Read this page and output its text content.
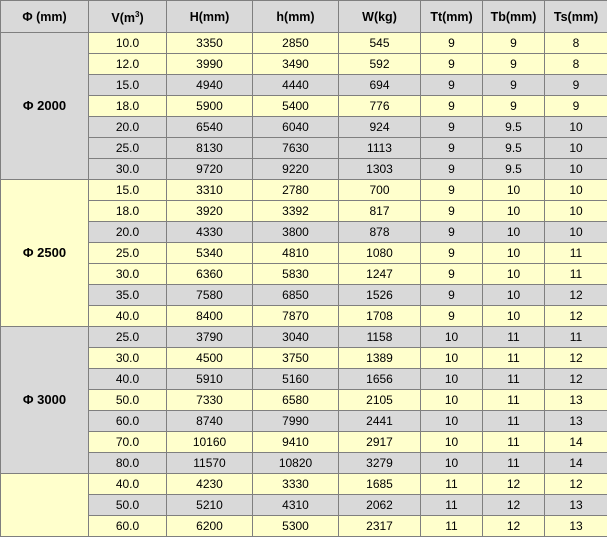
Φ (mm)	$V(m^3)$	H(mm)	h(mm)	W(kg)	Tt(mm)	Tb(mm)	Ts(mm)
Φ 2000	10.0	3350	2850	545	9	9	8
	12.0	3990	3490	592	9	9	8
	15.0	4940	4440	694	9	9	9
	18.0	5900	5400	776	9	9	9
	20.0	6540	6040	924	9	9.5	10
	25.0	8130	7630	1113	9	9.5	10
	30.0	9720	9220	1303	9	9.5	10
Φ 2500	15.0	3310	2780	700	9	10	10
	18.0	3920	3392	817	9	10	10
	20.0	4330	3800	878	9	10	10
	25.0	5340	4810	1080	9	10	11
	30.0	6360	5830	1247	9	10	11
	35.0	7580	6850	1526	9	10	12
	40.0	8400	7870	1708	9	10	12
Φ 3000	25.0	3790	3040	1158	10	11	11
	30.0	4500	3750	1389	10	11	12
	40.0	5910	5160	1656	10	11	12
	50.0	7330	6580	2105	10	11	13
	60.0	8740	7990	2441	10	11	13
	70.0	10160	9410	2917	10	11	14
	80.0	11570	10820	3279	10	11	14
	40.0	4230	3330	1685	11	12	12
	50.0	5210	4310	2062	11	12	13
	60.0	6200	5300	2317	11	12	13
